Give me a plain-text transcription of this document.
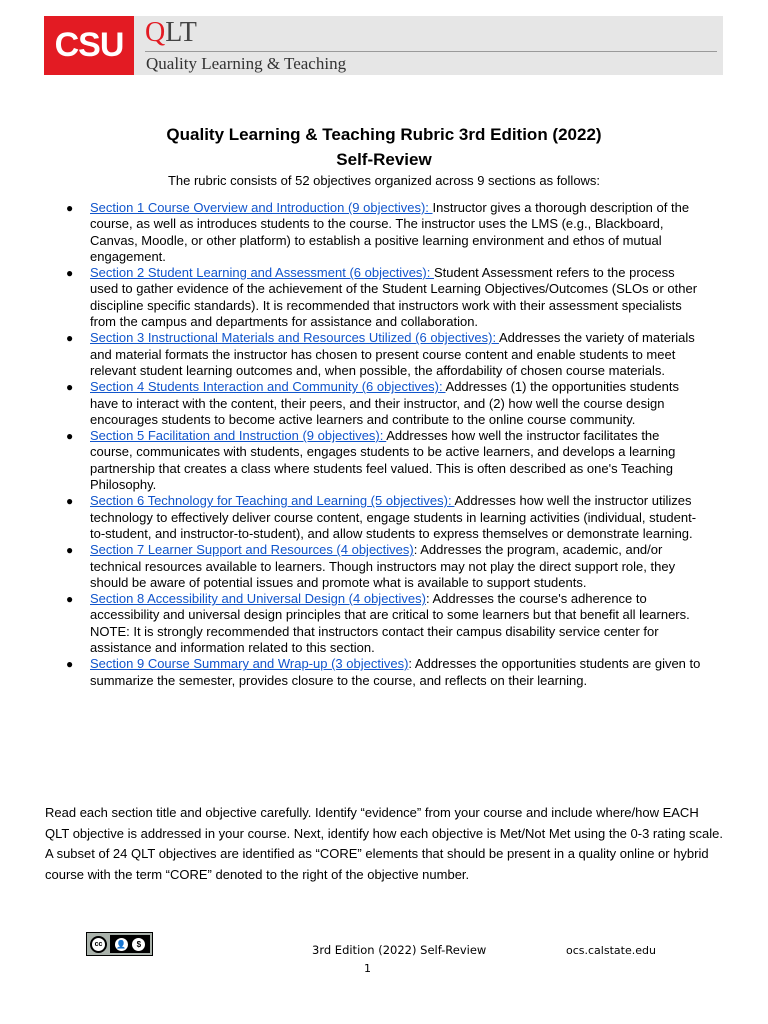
CSU QLT
Quality Learning & Teaching
Quality Learning & Teaching Rubric 3rd Edition (2022)
Self-Review
The rubric consists of 52 objectives organized across 9 sections as follows:
● Section 1 Course Overview and Introduction (9 objectives): Instructor gives a thorough description of the course, as well as introduces students to the course. The instructor uses the LMS (e.g., Blackboard, Canvas, Moodle, or other platform) to establish a positive learning environment and ethos of mutual engagement.
● Section 2 Student Learning and Assessment (6 objectives): Student Assessment refers to the process used to gather evidence of the achievement of the Student Learning Objectives/Outcomes (SLOs or other discipline specific standards). It is recommended that instructors work with their assessment specialists from the campus and departments for assistance and collaboration.
● Section 3 Instructional Materials and Resources Utilized (6 objectives): Addresses the variety of materials and material formats the instructor has chosen to present course content and enable students to meet relevant student learning outcomes and, when possible, the affordability of chosen course materials.
● Section 4 Students Interaction and Community (6 objectives): Addresses (1) the opportunities students have to interact with the content, their peers, and their instructor, and (2) how well the course design encourages students to become active learners and contribute to the online course community.
● Section 5 Facilitation and Instruction (9 objectives): Addresses how well the instructor facilitates the course, communicates with students, engages students to be active learners, and develops a learning partnership that creates a class where students feel valued. This is often described as one's Teaching Philosophy.
● Section 6 Technology for Teaching and Learning (5 objectives): Addresses how well the instructor utilizes technology to effectively deliver course content, engage students in learning activities (individual, student-to-student, and instructor-to-student), and allow students to express themselves or demonstrate learning.
● Section 7 Learner Support and Resources (4 objectives): Addresses the program, academic, and/or technical resources available to learners. Though instructors may not play the direct support role, they should be aware of potential issues and promote what is available to support students.
● Section 8 Accessibility and Universal Design (4 objectives): Addresses the course's adherence to accessibility and universal design principles that are critical to some learners but that benefit all learners. NOTE: It is strongly recommended that instructors contact their campus disability service center for assistance and information related to this section.
● Section 9 Course Summary and Wrap-up (3 objectives): Addresses the opportunities students are given to summarize the semester, provides closure to the course, and reflects on their learning.
Read each section title and objective carefully. Identify “evidence” from your course and include where/how EACH QLT objective is addressed in your course. Next, identify how each objective is Met/Not Met using the 0-3 rating scale. A subset of 24 QLT objectives are identified as “CORE” elements that should be present in a quality online or hybrid course with the term “CORE” denoted to the right of the objective number.
cc	👤	$	3rd Edition (2022) Self-Review	ocs.calstate.edu
1
